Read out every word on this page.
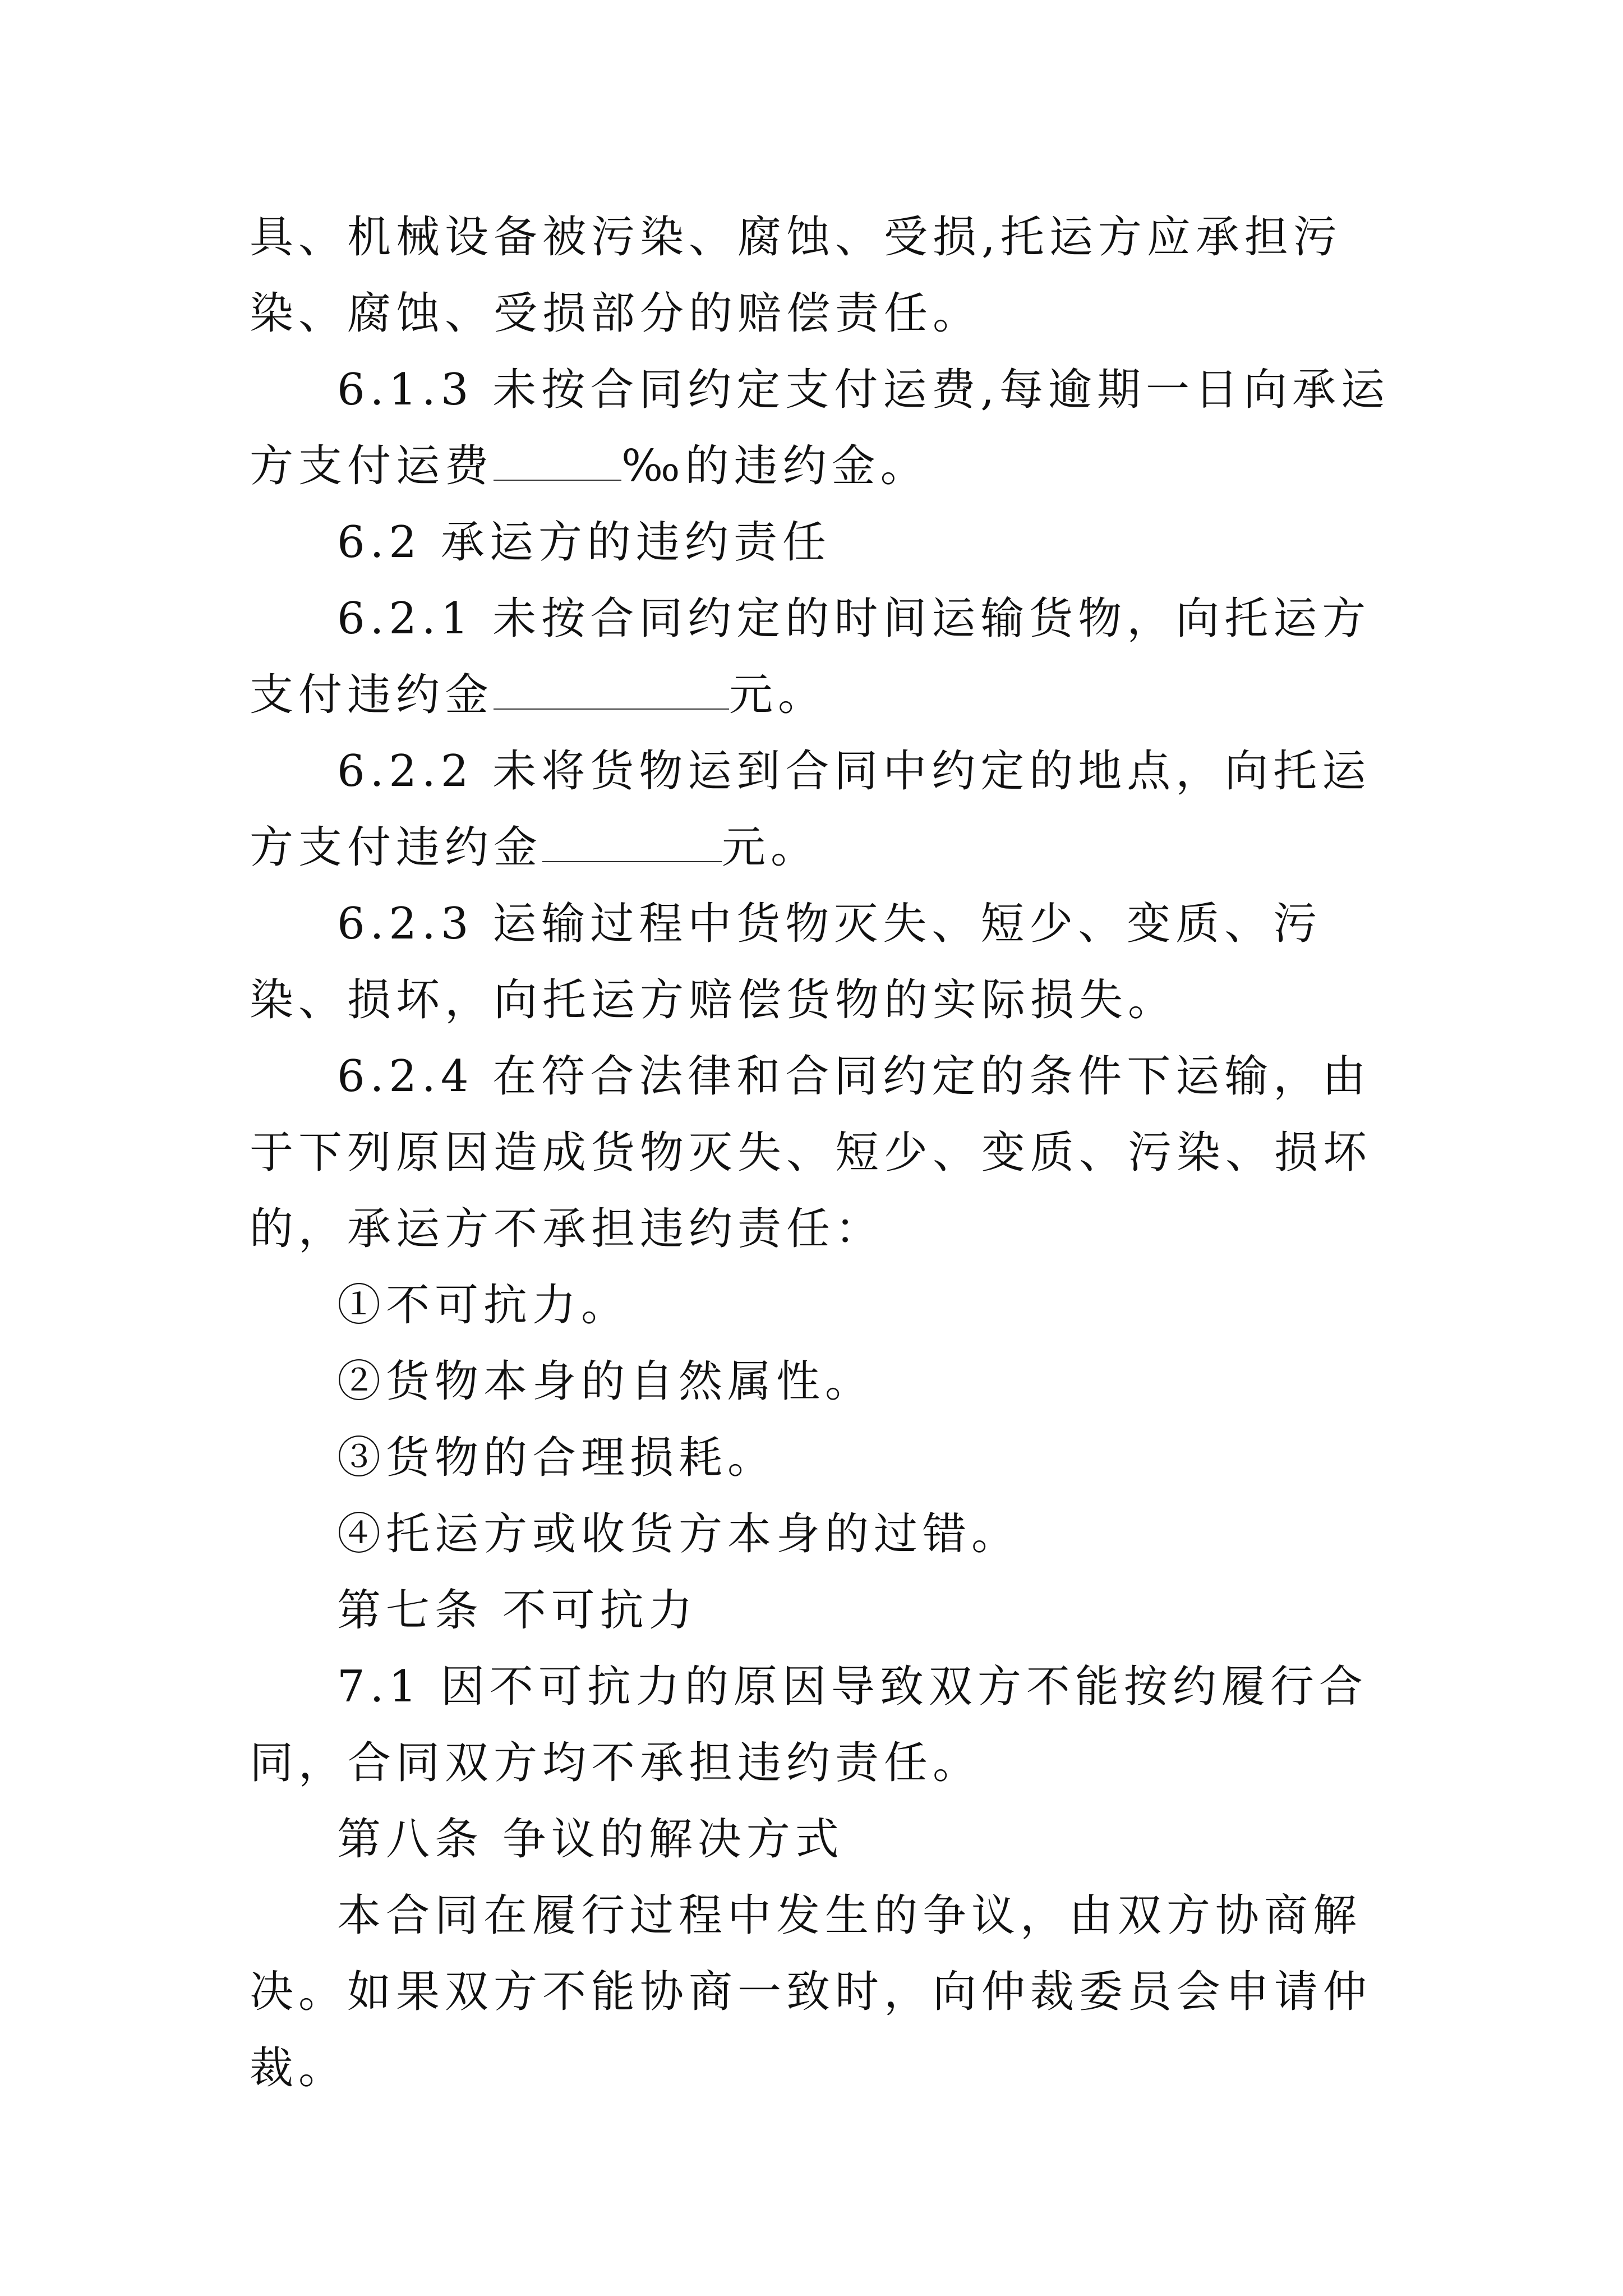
具、机械设备被污染、腐蚀、受损,托运方应承担污染、腐蚀、受损部分的赔偿责任。

6.1.3 未按合同约定支付运费,每逾期一日向承运方支付运费	‰的违约金。

6.2 承运方的违约责任

6.2.1 未按合同约定的时间运输货物，向托运方支付违约金	元。

6.2.2 未将货物运到合同中约定的地点，向托运方支付违约金	元。

6.2.3 运输过程中货物灭失、短少、变质、污染、损坏，向托运方赔偿货物的实际损失。

6.2.4 在符合法律和合同约定的条件下运输，由于下列原因造成货物灭失、短少、变质、污染、损坏的，承运方不承担违约责任：

①不可抗力。

②货物本身的自然属性。

③货物的合理损耗。

④托运方或收货方本身的过错。

第七条 不可抗力

7.1 因不可抗力的原因导致双方不能按约履行合同，合同双方均不承担违约责任。

第八条 争议的解决方式

本合同在履行过程中发生的争议，由双方协商解决。如果双方不能协商一致时，向仲裁委员会申请仲裁。
